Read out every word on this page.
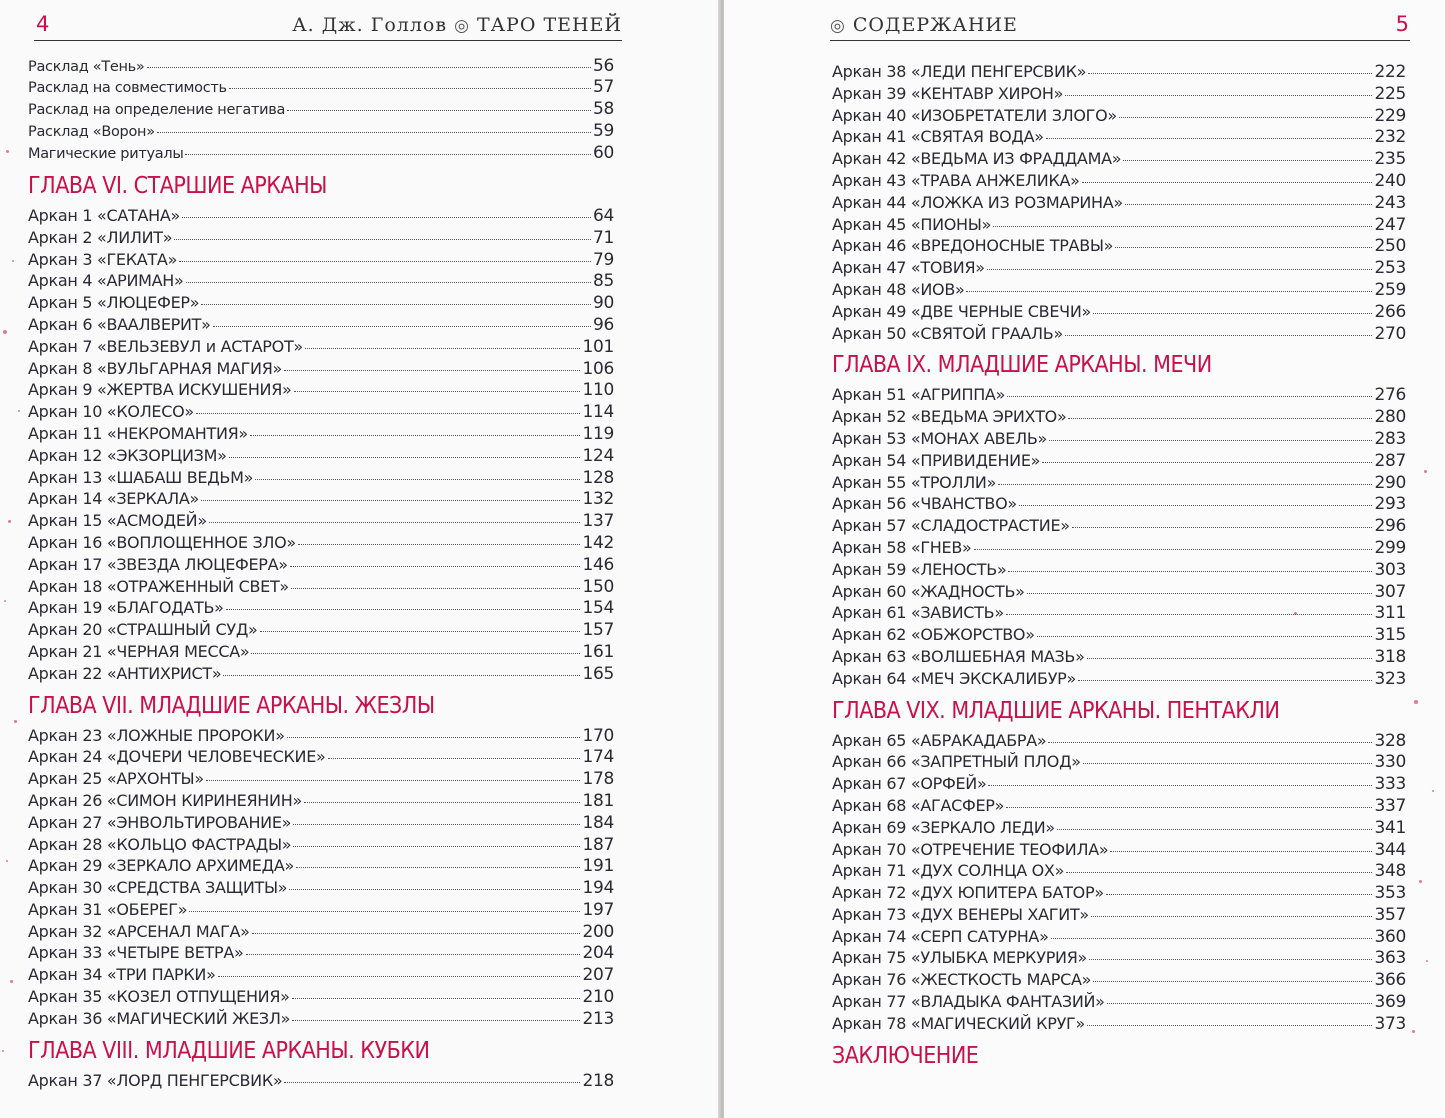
4	А. Дж. Голлов ◎ ТАРО ТЕНЕЙ
Расклад «Тень»	56
Расклад на совместимость	57
Расклад на определение негатива	58
Расклад «Ворон»	59
Магические ритуалы	60
ГЛАВА VI. СТАРШИЕ АРКАНЫ
Аркан 1 «САТАНА»	64
Аркан 2 «ЛИЛИТ»	71
Аркан 3 «ГЕКАТА»	79
Аркан 4 «АРИМАН»	85
Аркан 5 «ЛЮЦЕФЕР»	90
Аркан 6 «ВААЛВЕРИТ»	96
Аркан 7 «ВЕЛЬЗЕВУЛ и АСТАРОТ»	101
Аркан 8 «ВУЛЬГАРНАЯ МАГИЯ»	106
Аркан 9 «ЖЕРТВА ИСКУШЕНИЯ»	110
Аркан 10 «КОЛЕСО»	114
Аркан 11 «НЕКРОМАНТИЯ»	119
Аркан 12 «ЭКЗОРЦИЗМ»	124
Аркан 13 «ШАБАШ ВЕДЬМ»	128
Аркан 14 «ЗЕРКАЛА»	132
Аркан 15 «АСМОДЕЙ»	137
Аркан 16 «ВОПЛОЩЕННОЕ ЗЛО»	142
Аркан 17 «ЗВЕЗДА ЛЮЦЕФЕРА»	146
Аркан 18 «ОТРАЖЕННЫЙ СВЕТ»	150
Аркан 19 «БЛАГОДАТЬ»	154
Аркан 20 «СТРАШНЫЙ СУД»	157
Аркан 21 «ЧЕРНАЯ МЕССА»	161
Аркан 22 «АНТИХРИСТ»	165
ГЛАВА VII. МЛАДШИЕ АРКАНЫ. ЖЕЗЛЫ
Аркан 23 «ЛОЖНЫЕ ПРОРОКИ»	170
Аркан 24 «ДОЧЕРИ ЧЕЛОВЕЧЕСКИЕ»	174
Аркан 25 «АРХОНТЫ»	178
Аркан 26 «СИМОН КИРИНЕЯНИН»	181
Аркан 27 «ЭНВОЛЬТИРОВАНИЕ»	184
Аркан 28 «КОЛЬЦО ФАСТРАДЫ»	187
Аркан 29 «ЗЕРКАЛО АРХИМЕДА»	191
Аркан 30 «СРЕДСТВА ЗАЩИТЫ»	194
Аркан 31 «ОБЕРЕГ»	197
Аркан 32 «АРСЕНАЛ МАГА»	200
Аркан 33 «ЧЕТЫРЕ ВЕТРА»	204
Аркан 34 «ТРИ ПАРКИ»	207
Аркан 35 «КОЗЕЛ ОТПУЩЕНИЯ»	210
Аркан 36 «МАГИЧЕСКИЙ ЖЕЗЛ»	213
ГЛАВА VIII. МЛАДШИЕ АРКАНЫ. КУБКИ
Аркан 37 «ЛОРД ПЕНГЕРСВИК»	218
◎ СОДЕРЖАНИЕ	5
Аркан 38 «ЛЕДИ ПЕНГЕРСВИК»	222
Аркан 39 «КЕНТАВР ХИРОН»	225
Аркан 40 «ИЗОБРЕТАТЕЛИ ЗЛОГО»	229
Аркан 41 «СВЯТАЯ ВОДА»	232
Аркан 42 «ВЕДЬМА ИЗ ФРАДДАМА»	235
Аркан 43 «ТРАВА АНЖЕЛИКА»	240
Аркан 44 «ЛОЖКА ИЗ РОЗМАРИНА»	243
Аркан 45 «ПИОНЫ»	247
Аркан 46 «ВРЕДОНОСНЫЕ ТРАВЫ»	250
Аркан 47 «ТОВИЯ»	253
Аркан 48 «ИОВ»	259
Аркан 49 «ДВЕ ЧЕРНЫЕ СВЕЧИ»	266
Аркан 50 «СВЯТОЙ ГРААЛЬ»	270
ГЛАВА IX. МЛАДШИЕ АРКАНЫ. МЕЧИ
Аркан 51 «АГРИППА»	276
Аркан 52 «ВЕДЬМА ЭРИХТО»	280
Аркан 53 «МОНАХ АВЕЛЬ»	283
Аркан 54 «ПРИВИДЕНИЕ»	287
Аркан 55 «ТРОЛЛИ»	290
Аркан 56 «ЧВАНСТВО»	293
Аркан 57 «СЛАДОСТРАСТИЕ»	296
Аркан 58 «ГНЕВ»	299
Аркан 59 «ЛЕНОСТЬ»	303
Аркан 60 «ЖАДНОСТЬ»	307
Аркан 61 «ЗАВИСТЬ»	311
Аркан 62 «ОБЖОРСТВО»	315
Аркан 63 «ВОЛШЕБНАЯ МАЗЬ»	318
Аркан 64 «МЕЧ ЭКСКАЛИБУР»	323
ГЛАВА VIX. МЛАДШИЕ АРКАНЫ. ПЕНТАКЛИ
Аркан 65 «АБРАКАДАБРА»	328
Аркан 66 «ЗАПРЕТНЫЙ ПЛОД»	330
Аркан 67 «ОРФЕЙ»	333
Аркан 68 «АГАСФЕР»	337
Аркан 69 «ЗЕРКАЛО ЛЕДИ»	341
Аркан 70 «ОТРЕЧЕНИЕ ТЕОФИЛА»	344
Аркан 71 «ДУХ СОЛНЦА ОХ»	348
Аркан 72 «ДУХ ЮПИТЕРА БАТОР»	353
Аркан 73 «ДУХ ВЕНЕРЫ ХАГИТ»	357
Аркан 74 «СЕРП САТУРНА»	360
Аркан 75 «УЛЫБКА МЕРКУРИЯ»	363
Аркан 76 «ЖЕСТКОСТЬ МАРСА»	366
Аркан 77 «ВЛАДЫКА ФАНТАЗИЙ»	369
Аркан 78 «МАГИЧЕСКИЙ КРУГ»	373
ЗАКЛЮЧЕНИЕ
